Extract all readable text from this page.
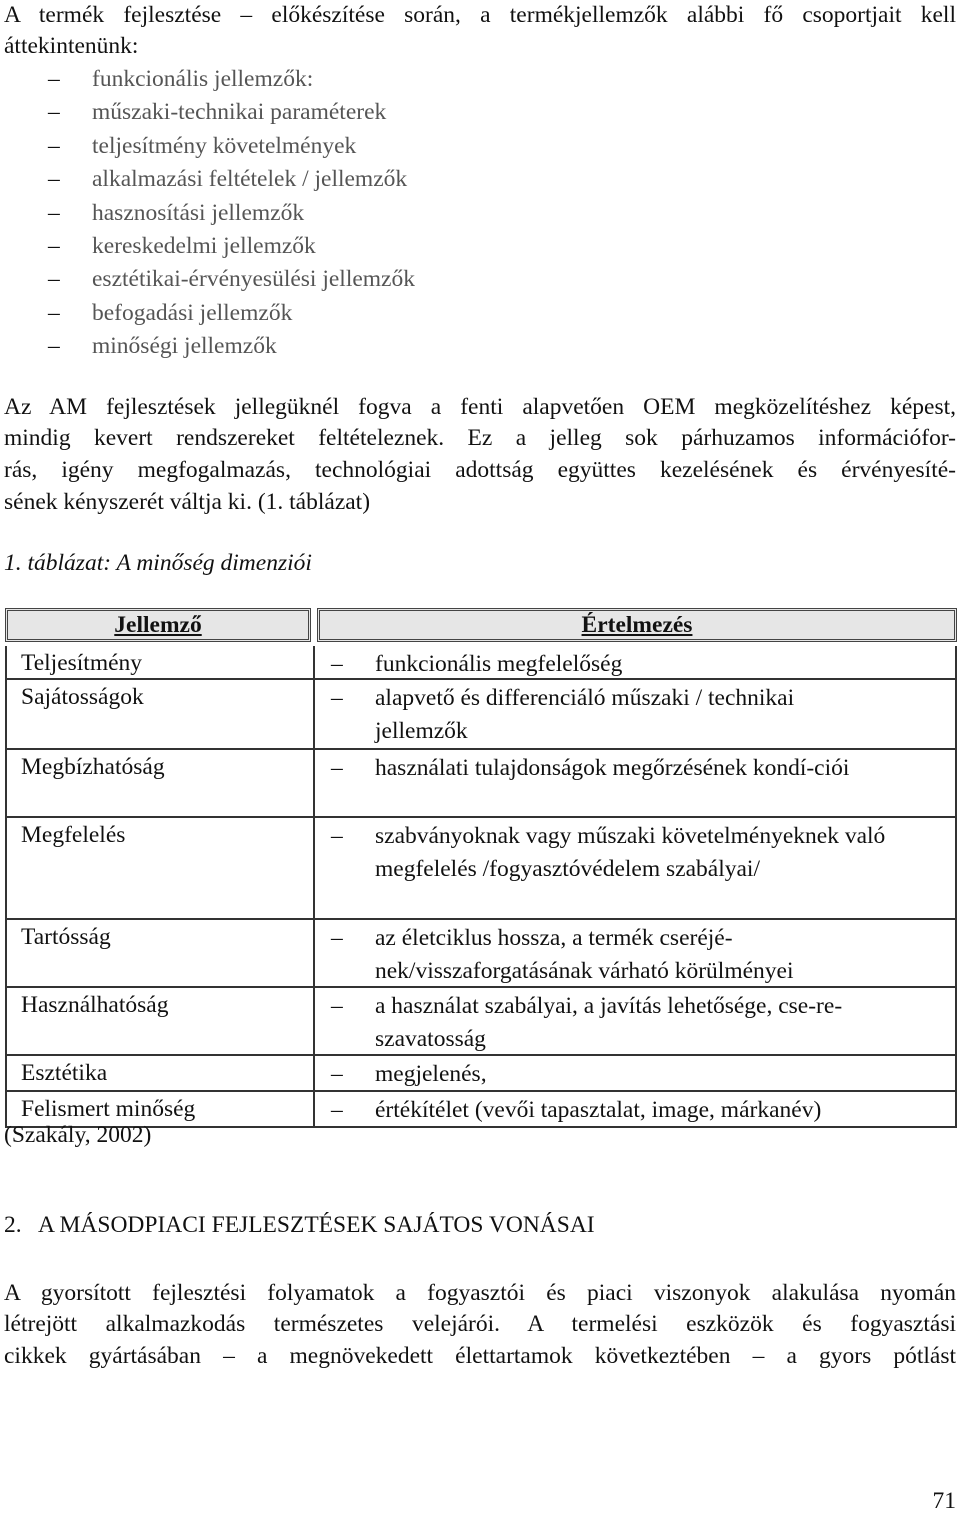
A termék fejlesztése – előkészítése során, a termékjellemzők alábbi fő csoportjait kell
áttekintenünk:
– funkcionális jellemzők:
– műszaki-technikai paraméterek
– teljesítmény követelmények
– alkalmazási feltételek / jellemzők
– hasznosítási jellemzők
– kereskedelmi jellemzők
– esztétikai-érvényesülési jellemzők
– befogadási jellemzők
– minőségi jellemzők
Az AM fejlesztések jellegüknél fogva a fenti alapvetően OEM megközelítéshez képest,
mindig kevert rendszereket feltételeznek. Ez a jelleg sok párhuzamos információfor-
rás, igény megfogalmazás, technológiai adottság együttes kezelésének és érvényesíté-
sének kényszerét váltja ki. (1. táblázat)
1. táblázat: A minőség dimenziói
Jellemző	Értelmezés
Teljesítmény	– funkcionális megfelelőség
Sajátosságok	– alapvető és differenciáló műszaki / technikai jellemzők
Megbízhatóság	– használati tulajdonságok megőrzésének kondí-ciói
Megfelelés	– szabványoknak vagy műszaki követelményeknek való megfelelés /fogyasztóvédelem szabályai/
Tartósság	– az életciklus hossza, a termék cseréjé-nek/visszaforgatásának várható körülményei
Használhatóság	– a használat szabályai, a javítás lehetősége, cse-re-szavatosság
Esztétika	– megjelenés,
Felismert minőség	– értékítélet (vevői tapasztalat, image, márkanév)
(Szakály, 2002)
2.   A MÁSODPIACI FEJLESZTÉSEK SAJÁTOS VONÁSAI
A gyorsított fejlesztési folyamatok a fogyasztói és piaci viszonyok alakulása nyomán
létrejött alkalmazkodás természetes velejárói. A termelési eszközök és fogyasztási
cikkek gyártásában – a megnövekedett élettartamok következtében – a gyors pótlást
71
